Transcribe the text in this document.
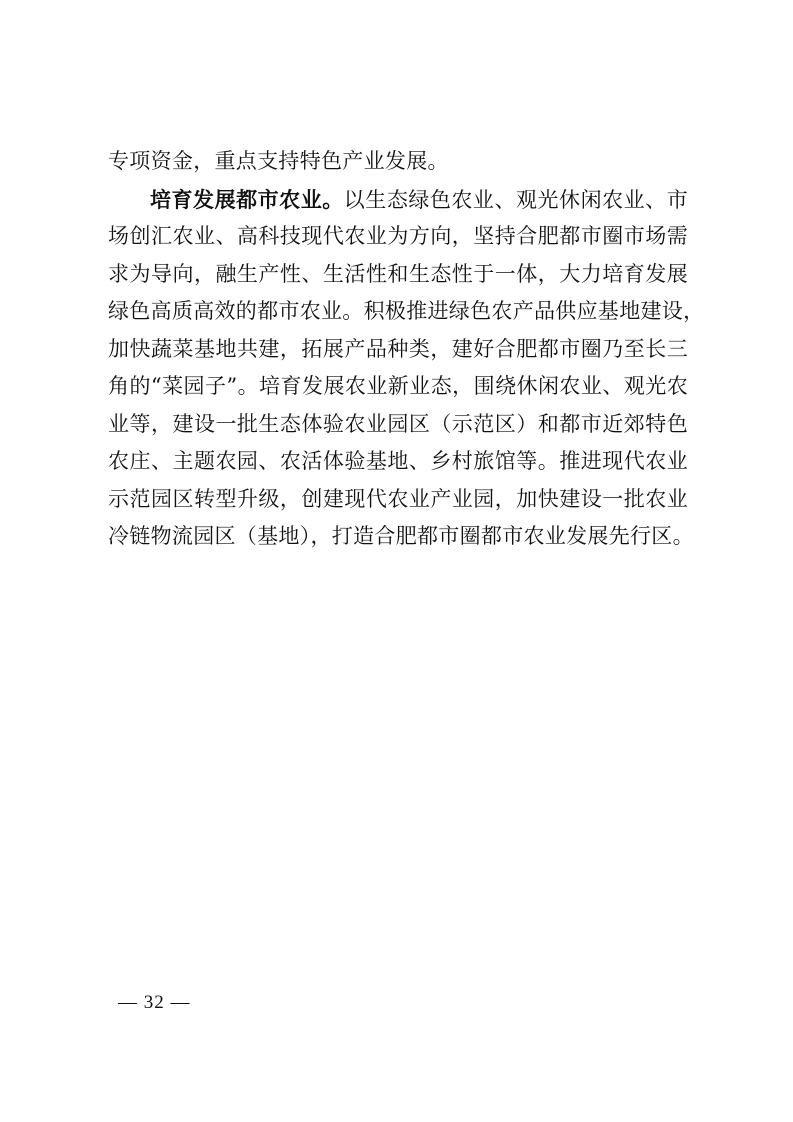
专项资金，重点支持特色产业发展。
培育发展都市农业。以生态绿色农业、观光休闲农业、市
场创汇农业、高科技现代农业为方向，坚持合肥都市圈市场需
求为导向，融生产性、生活性和生态性于一体，大力培育发展
绿色高质高效的都市农业。积极推进绿色农产品供应基地建设，
加快蔬菜基地共建，拓展产品种类，建好合肥都市圈乃至长三
角的“菜园子”。培育发展农业新业态，围绕休闲农业、观光农
业等，建设一批生态体验农业园区（示范区）和都市近郊特色
农庄、主题农园、农活体验基地、乡村旅馆等。推进现代农业
示范园区转型升级，创建现代农业产业园，加快建设一批农业
冷链物流园区（基地），打造合肥都市圈都市农业发展先行区。
— 32 —
